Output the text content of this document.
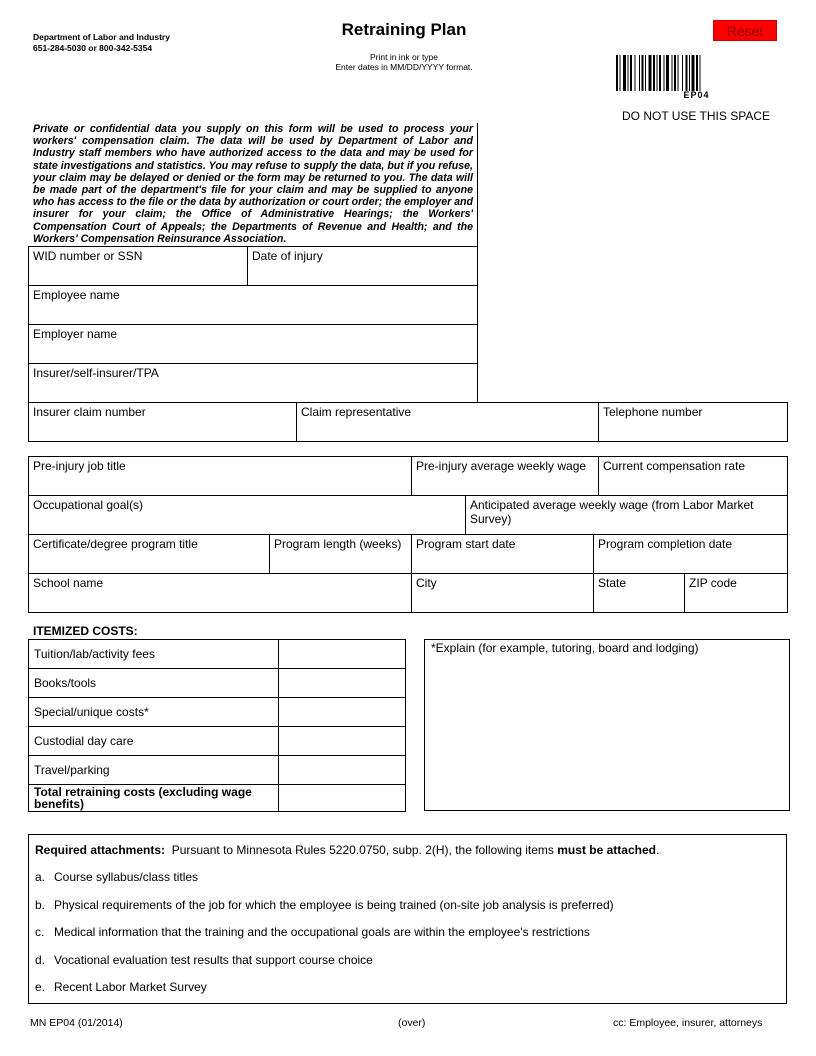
Department of Labor and Industry
651-284-5030 or 800-342-5354
Retraining Plan
Print in ink or type
Enter dates in MM/DD/YYYY format.
Reset
EP04
DO NOT USE THIS SPACE
Private or confidential data you supply on this form will be used to process your workers' compensation claim. The data will be used by Department of Labor and Industry staff members who have authorized access to the data and may be used for state investigations and statistics. You may refuse to supply the data, but if you refuse, your claim may be delayed or denied or the form may be returned to you. The data will be made part of the department's file for your claim and may be supplied to anyone who has access to the file or the data by authorization or court order; the employer and insurer for your claim; the Office of Administrative Hearings; the Workers' Compensation Court of Appeals; the Departments of Revenue and Health; and the Workers' Compensation Reinsurance Association.
WID number or SSN	Date of injury
Employee name
Employer name
Insurer/self-insurer/TPA
Insurer claim number	Claim representative	Telephone number
Pre-injury job title	Pre-injury average weekly wage	Current compensation rate
Occupational goal(s)	Anticipated average weekly wage (from Labor Market Survey)
Certificate/degree program title	Program length (weeks)	Program start date	Program completion date
School name	City	State	ZIP code
ITEMIZED COSTS:
Tuition/lab/activity fees
Books/tools
Special/unique costs*
Custodial day care
Travel/parking
Total retraining costs (excluding wage benefits)
*Explain (for example, tutoring, board and lodging)
Required attachments: Pursuant to Minnesota Rules 5220.0750, subp. 2(H), the following items must be attached.
a. Course syllabus/class titles
b. Physical requirements of the job for which the employee is being trained (on-site job analysis is preferred)
c. Medical information that the training and the occupational goals are within the employee's restrictions
d. Vocational evaluation test results that support course choice
e. Recent Labor Market Survey
MN EP04 (01/2014)	(over)	cc: Employee, insurer, attorneys
